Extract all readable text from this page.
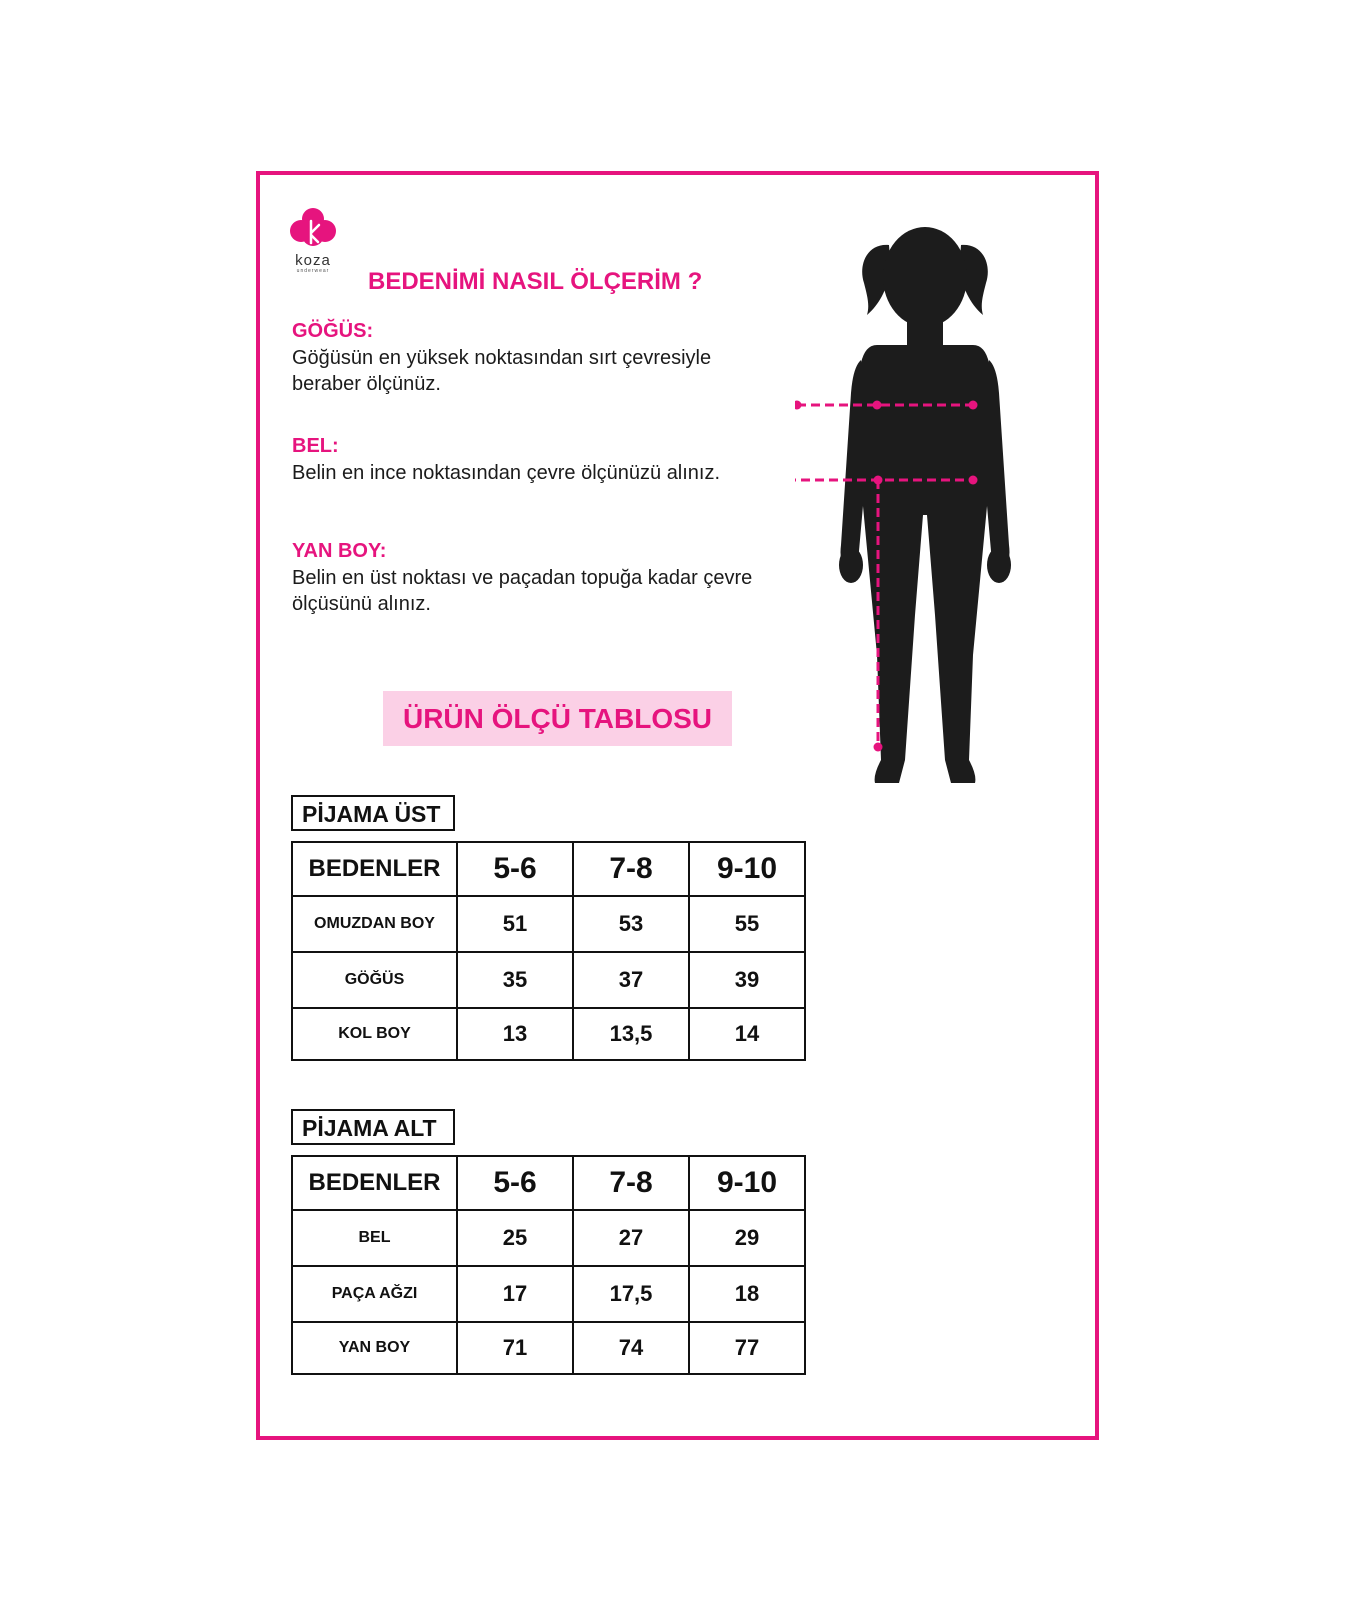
koza
underwear	BEDENİMİ NASIL ÖLÇERİM ?
GÖĞÜS:
Göğüsün en yüksek noktasından sırt çevresiyle beraber ölçünüz.
BEL:
Belin en ince noktasından çevre ölçünüzü alınız.
YAN BOY:
Belin en üst noktası ve paçadan topuğa kadar çevre ölçüsünü alınız.
ÜRÜN ÖLÇÜ TABLOSU
PİJAMA ÜST
BEDENLER	5-6	7-8	9-10
OMUZDAN BOY	51	53	55
GÖĞÜS	35	37	39
KOL BOY	13	13,5	14
PİJAMA ALT
BEDENLER	5-6	7-8	9-10
BEL	25	27	29
PAÇA AĞZI	17	17,5	18
YAN BOY	71	74	77
